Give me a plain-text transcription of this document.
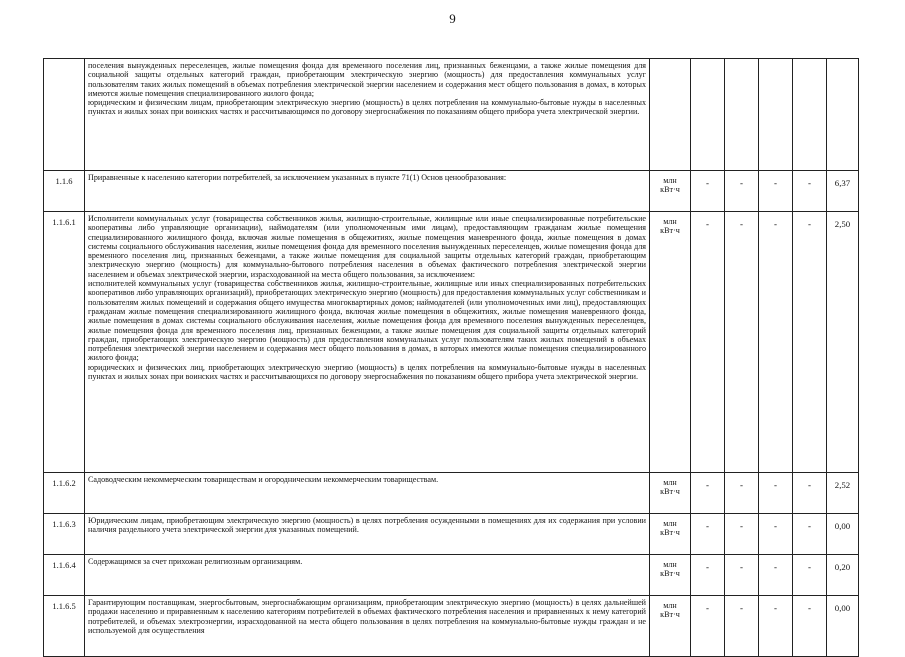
9

	поселения вынужденных переселенцев, жилые помещения фонда для временного поселения лиц, признанных беженцами, а также жилые помещения для социальной защиты отдельных категорий граждан, приобретающим электрическую энергию (мощность) для предоставления коммунальных услуг пользователям таких жилых помещений в объемах потребления электрической энергии населением и содержания мест общего пользования в домах, в которых имеются жилые помещения специализированного жилого фонда;
юридическим и физическим лицам, приобретающим электрическую энергию (мощность) в целях потребления на коммунально-бытовые нужды в населенных пунктах и жилых зонах при воинских частях и рассчитывающимся по договору энергоснабжения по показаниям общего прибора учета электрической энергии.						

1.1.6	Приравненные к населению категории потребителей, за исключением указанных в пункте 71(1) Основ ценообразования:	млн кВт·ч	-	-	-	-	6,37
1.1.6.1	Исполнители коммунальных услуг (товарищества собственников жилья, жилищно-строительные, жилищные или иные специализированные потребительские кооперативы либо управляющие организации), наймодателям (или уполномоченным ими лицам), предоставляющим гражданам жилые помещения специализированного жилищного фонда, включая жилые помещения в общежитиях, жилые помещения маневренного фонда, жилые помещения в домах системы социального обслуживания населения, жилые помещения фонда для временного поселения вынужденных переселенцев, жилые помещения фонда для временного поселения лиц, признанных беженцами, а также жилые помещения для социальной защиты отдельных категорий граждан, приобретающим электрическую энергию (мощность) для коммунально-бытового потребления населения в объемах фактического потребления электрической энергии населением и объемах электрической энергии, израсходованной на места общего пользования, за исключением:
исполнителей коммунальных услуг (товарищества собственников жилья, жилищно-строительные, жилищные или иных специализированных потребительских кооперативов либо управляющих организаций), приобретающих электрическую энергию (мощность) для предоставления коммунальных услуг собственникам и пользователям жилых помещений и содержания общего имущества многоквартирных домов; наймодателей (или уполномоченных ими лиц), предоставляющих гражданам жилые помещения специализированного жилищного фонда, включая жилые помещения в общежитиях, жилые помещения маневренного фонда, жилые помещения в домах системы социального обслуживания населения, жилые помещения фонда для временного поселения вынужденных переселенцев, жилые помещения фонда для временного поселения лиц, признанных беженцами, а также жилые помещения для социальной защиты отдельных категорий граждан, приобретающих электрическую энергию (мощность) для предоставления коммунальных услуг пользователям таких жилых помещений в объемах потребления электрической энергии населением и содержания мест общего пользования в домах, в которых имеются жилые помещения специализированного жилого фонда;
юридических и физических лиц, приобретающих электрическую энергию (мощность) в целях потребления на коммунально-бытовые нужды в населенных пунктах и жилых зонах при воинских частях и рассчитывающихся по договору энергоснабжения по показаниям общего прибора учета электрической энергии.	млн кВт·ч	-	-	-	-	2,50
1.1.6.2	Садоводческим некоммерческим товариществам и огородническим некоммерческим товариществам.	млн кВт·ч	-	-	-	-	2,52
1.1.6.3	Юридическим лицам, приобретающим электрическую энергию (мощность) в целях потребления осужденными в помещениях для их содержания при условии наличия раздельного учета электрической энергии для указанных помещений.	млн кВт·ч	-	-	-	-	0,00
1.1.6.4	Содержащимся за счет прихожан религиозным организациям.	млн кВт·ч	-	-	-	-	0,20
1.1.6.5	Гарантирующим поставщикам, энергосбытовым, энергоснабжающим организациям, приобретающим электрическую энергию (мощность) в целях дальнейшей продажи населению и приравненным к населению категориям потребителей в объемах фактического потребления населения и приравненных к нему категорий потребителей, и объемах электроэнергии, израсходованной на места общего пользования в целях потребления на коммунально-бытовые нужды граждан и не используемой для осуществления	млн кВт·ч	-	-	-	-	0,00
